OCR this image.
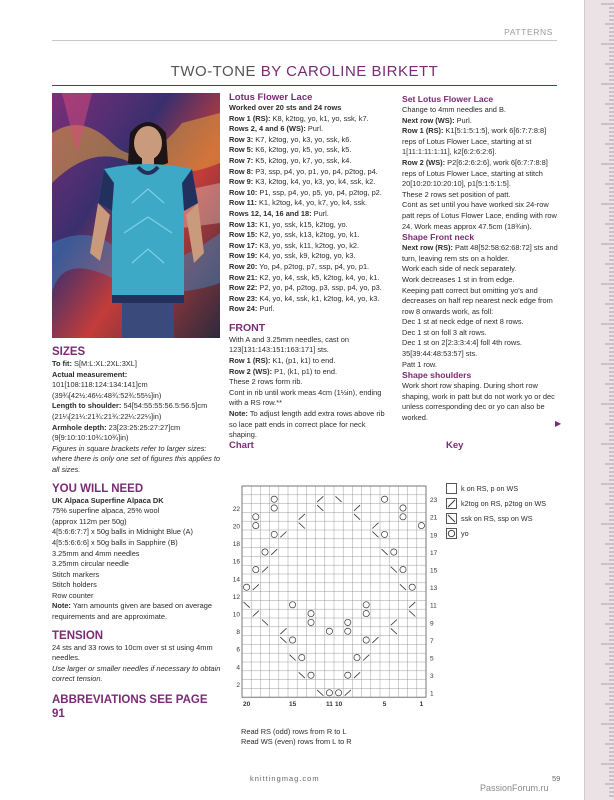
PATTERNS
TWO-TONE BY CAROLINE BIRKETT
SIZES

To fit: S[M:L:XL:2XL:3XL]

Actual measurement:

101[108:118:124:134:141]cm (39¾[42½:46½:48¾:52¾:55½]in)

Length to shoulder: 54[54:55:55:56.5:56.5]cm (21¼[21¼:21¾:21¾:22¼:22¼]in)

Armhole depth: 23[23:25:25:27:27]cm (9[9:10:10:10¾:10¾]in)

Figures in square brackets refer to larger sizes: where there is only one set of figures this applies to all sizes.

YOU WILL NEED

UK Alpaca Superfine Alpaca DK

75% superfine alpaca, 25% wool

(approx 112m per 50g)

4[5:6:6:7:7] x 50g balls in Midnight Blue (A)

4[5:5:6:6:6] x 50g balls in Sapphire (B)

3.25mm and 4mm needles

3.25mm circular needle

Stitch markers

Stitch holders

Row counter

Note: Yarn amounts given are based on average requirements and are approximate.

TENSION

24 sts and 33 rows to 10cm over st st using 4mm needles.

Use larger or smaller needles if necessary to obtain correct tension.

ABBREVIATIONS SEE PAGE 91
Lotus Flower Lace

Worked over 20 sts and 24 rows

Row 1 (RS): K8, k2tog, yo, k1, yo, ssk, k7.

Rows 2, 4 and 6 (WS): Purl.

Row 3: K7, k2tog, yo, k3, yo, ssk, k6.

Row 5: K6, k2tog, yo, k5, yo, ssk, k5.

Row 7: K5, k2tog, yo, k7, yo, ssk, k4.

Row 8: P3, ssp, p4, yo, p1, yo, p4, p2tog, p4.

Row 9: K3, k2tog, k4, yo, k3, yo, k4, ssk, k2.

Row 10: P1, ssp, p4, yo, p5, yo, p4, p2tog, p2.

Row 11: K1, k2tog, k4, yo, k7, yo, k4, ssk.

Rows 12, 14, 16 and 18: Purl.

Row 13: K1, yo, ssk, k15, k2tog, yo.

Row 15: K2, yo, ssk, k13, k2tog, yo, k1.

Row 17: K3, yo, ssk, k11, k2tog, yo, k2.

Row 19: K4, yo, ssk, k9, k2tog, yo, k3.

Row 20: Yo, p4, p2tog, p7, ssp, p4, yo, p1.

Row 21: K2, yo, k4, ssk, k5, k2tog, k4, yo, k1.

Row 22: P2, yo, p4, p2tog, p3, ssp, p4, yo, p3.

Row 23: K4, yo, k4, ssk, k1, k2tog, k4, yo, k3.

Row 24: Purl.

FRONT

With A and 3.25mm needles, cast on 123[131:143:151:163:171] sts.

Row 1 (RS): K1, (p1, k1) to end.

Row 2 (WS): P1, (k1, p1) to end.

These 2 rows form rib.

Cont in rib until work meas 4cm (1½in), ending with a RS row.**

Note: To adjust length add extra rows above rib so lace patt ends in correct place for neck shaping.

Set Lotus Flower Lace

Change to 4mm needles and B.

Next row (WS): Purl.

Row 1 (RS): K1[5:1:5:1:5], work 6[6:7:7:8:8] reps of Lotus Flower Lace, starting at st 1[11:1:11:1:11], k2[6:2:6:2:6].

Row 2 (WS): P2[6:2:6:2:6], work 6[6:7:7:8:8] reps of Lotus Flower Lace, starting at stitch 20[10:20:10:20:10], p1[5:1:5:1:5].

These 2 rows set position of patt.

Cont as set until you have worked six 24-row patt reps of Lotus Flower Lace, ending with row 24. Work meas approx 47.5cm (18¾in).

Shape Front neck

Next row (RS): Patt 48[52:58:62:68:72] sts and turn, leaving rem sts on a holder.

Work each side of neck separately.

Work decreases 1 st in from edge.

Keeping patt correct but omitting yo's and decreases on half rep nearest neck edge from row 8 onwards work, as foll:

Dec 1 st at neck edge of next 8 rows.

Dec 1 st on foll 3 alt rows.

Dec 1 st on 2[2:3:3:4:4] foll 4th rows.

35[39:44:48:53:57] sts.

Patt 1 row.

Shape shoulders

Work short row shaping. During short row shaping, work in patt but do not work yo or dec unless corresponding dec or yo can also be worked.

▶
Chart
22
20
18
16
14
12
10
8
6
4
2
23
21
19
17
15
13
11
9
7
5
3
1
20	15	11 10	5	1

Read RS (odd) rows from R to L

Read WS (even) rows from L to R

Key
k on RS, p on WS
k2tog on RS, p2tog on WS
ssk on RS, ssp on WS
yo
knittingmag.com	59
PassionForum.ru
